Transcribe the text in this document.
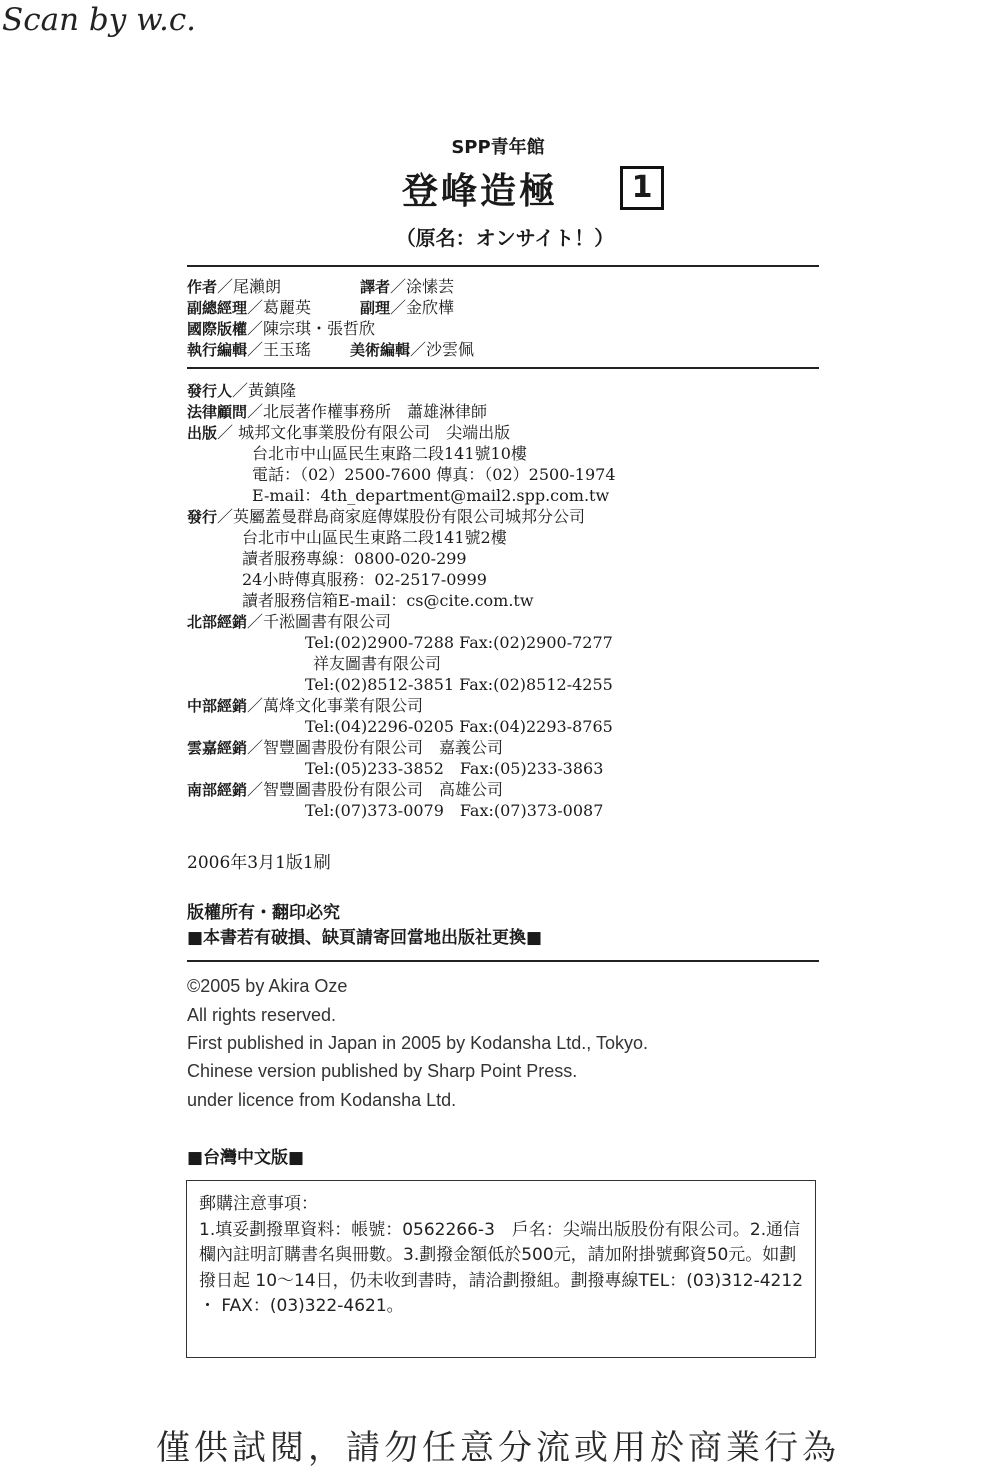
Scan by w.c.
SPP青年館
登峰造極	1
（原名：オンサイト！）
作者／尾瀨朗	譯者／涂愫芸
副總經理／葛麗英	副理／金欣樺
國際版權／陳宗琪・張哲欣
執行編輯／王玉瑤	美術編輯／沙雲佩
發行人／黃鎮隆
法律顧問／北辰著作權事務所　蕭雄淋律師
出版／ 城邦文化事業股份有限公司　尖端出版
台北市中山區民生東路二段141號10樓
電話：（02）2500-7600 傳真：（02）2500-1974
E-mail：4th_department@mail2.spp.com.tw
發行／英屬蓋曼群島商家庭傳媒股份有限公司城邦分公司
台北市中山區民生東路二段141號2樓
讀者服務專線：0800-020-299
24小時傳真服務：02-2517-0999
讀者服務信箱E-mail：cs@cite.com.tw
北部經銷／千淞圖書有限公司
Tel:(02)2900-7288 Fax:(02)2900-7277
祥友圖書有限公司
Tel:(02)8512-3851 Fax:(02)8512-4255
中部經銷／萬烽文化事業有限公司
Tel:(04)2296-0205 Fax:(04)2293-8765
雲嘉經銷／智豐圖書股份有限公司　嘉義公司
Tel:(05)233-3852　Fax:(05)233-3863
南部經銷／智豐圖書股份有限公司　高雄公司
Tel:(07)373-0079　Fax:(07)373-0087
2006年3月1版1刷
版權所有・翻印必究
■本書若有破損、缺頁請寄回當地出版社更換■
©2005 by Akira Oze
All rights reserved.
First published in Japan in 2005 by Kodansha Ltd., Tokyo.
Chinese version published by Sharp Point Press.
under licence from Kodansha Ltd.
■台灣中文版■
郵購注意事項：
1.填妥劃撥單資料：帳號：0562266-3　戶名：尖端出版股份有限公司。2.通信欄內註明訂購書名與冊數。3.劃撥金額低於500元，請加附掛號郵資50元。如劃撥日起 10～14日，仍未收到書時，請洽劃撥組。劃撥專線TEL：(03)312-4212 ・ FAX：(03)322-4621。
僅供試閱，請勿任意分流或用於商業行為
